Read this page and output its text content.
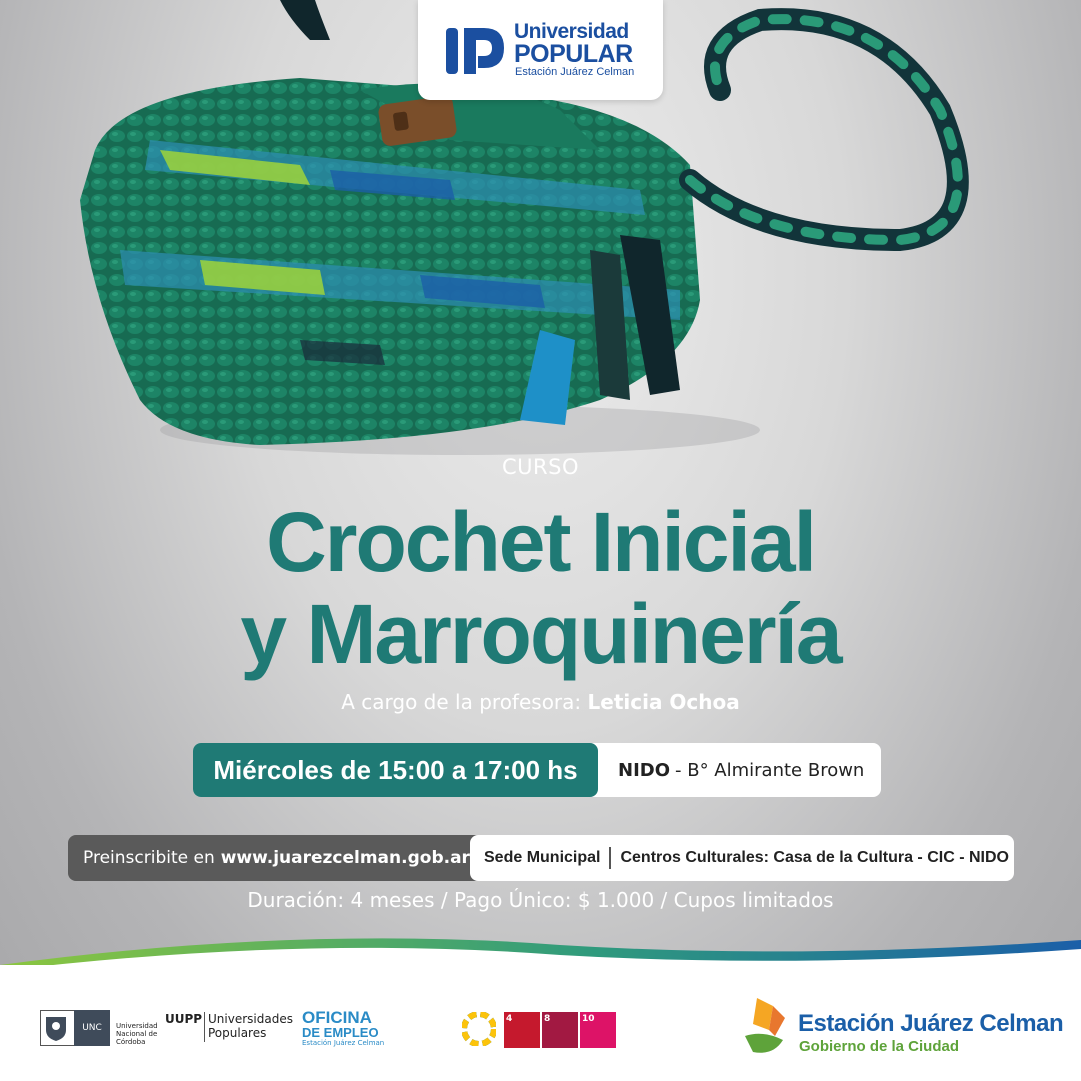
Universidad
POPULAR
Estación Juárez Celman
CURSO
Crochet Inicial
y Marroquinería
A cargo de la profesora: Leticia Ochoa
Miércoles de 15:00 a 17:00 hs	NIDO - B° Almirante Brown
Preinscribite en www.juarezcelman.gob.ar Sede Municipal Centros Culturales: Casa de la Cultura - CIC - NIDO
Duración: 4 meses / Pago Único: $ 1.000 / Cupos limitados
UNC	Universidad Nacional de Córdoba
UUPP Universidades
Populares
OFICINA
DE EMPLEO
Estación Juárez Celman
4	8	10	Estación Juárez Celman
Gobierno de la Ciudad
